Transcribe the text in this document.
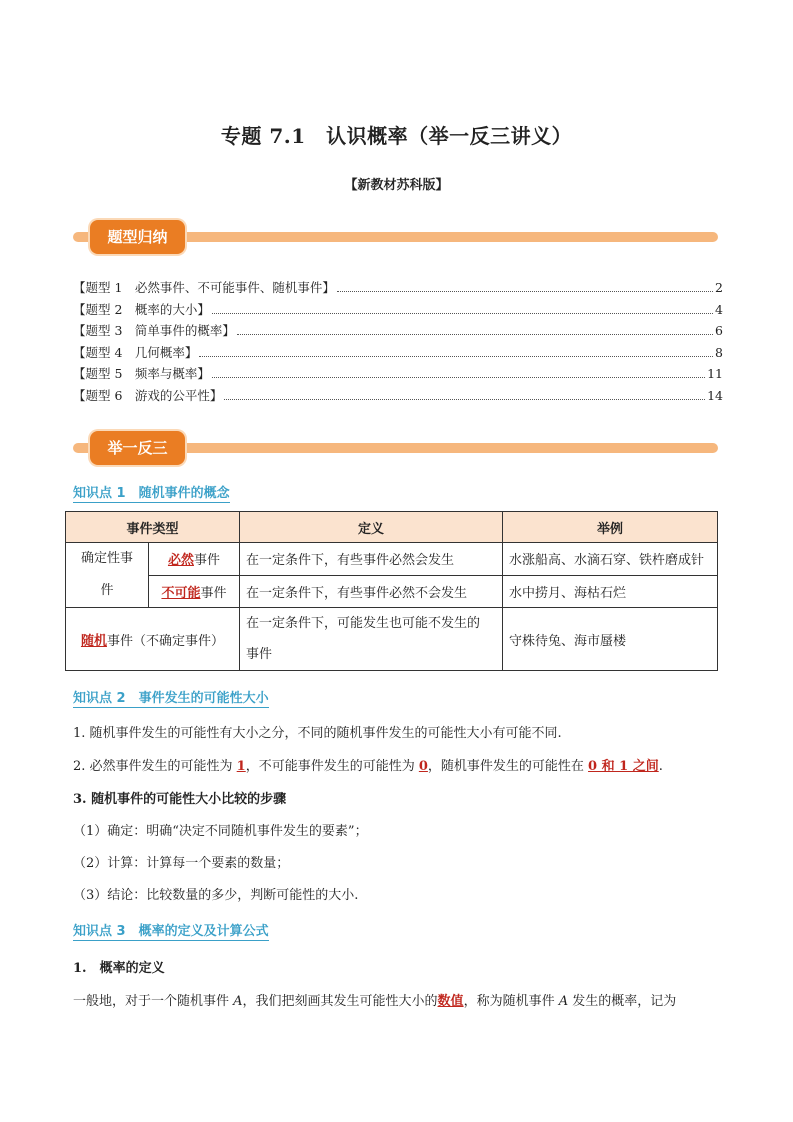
专题 7.1　认识概率（举一反三讲义）
【新教材苏科版】
题型归纳
【题型 1　必然事件、不可能事件、随机事件】	2
【题型 2　概率的大小】	4
【题型 3　简单事件的概率】	6
【题型 4　几何概率】	8
【题型 5　频率与概率】	11
【题型 6　游戏的公平性】	14
举一反三
知识点 1　随机事件的概念
事件类型		定义	举例

确定性事
件	必然事件	在一定条件下，有些事件必然会发生	水涨船高、水滴石穿、铁杵磨成针
	不可能事件	在一定条件下，有些事件必然不会发生	水中捞月、海枯石烂
随机事件（不确定事件）		在一定条件下，可能发生也可能不发生的
事件	守株待兔、海市蜃楼
知识点 2　事件发生的可能性大小
1. 随机事件发生的可能性有大小之分，不同的随机事件发生的可能性大小有可能不同.
2. 必然事件发生的可能性为 1，不可能事件发生的可能性为 0，随机事件发生的可能性在 0 和 1 之间.
3. 随机事件的可能性大小比较的步骤
（1）确定：明确“决定不同随机事件发生的要素”；
（2）计算：计算每一个要素的数量；
（3）结论：比较数量的多少，判断可能性的大小.
知识点 3　概率的定义及计算公式
1.　概率的定义
一般地，对于一个随机事件 A，我们把刻画其发生可能性大小的数值，称为随机事件 A 发生的概率，记为
